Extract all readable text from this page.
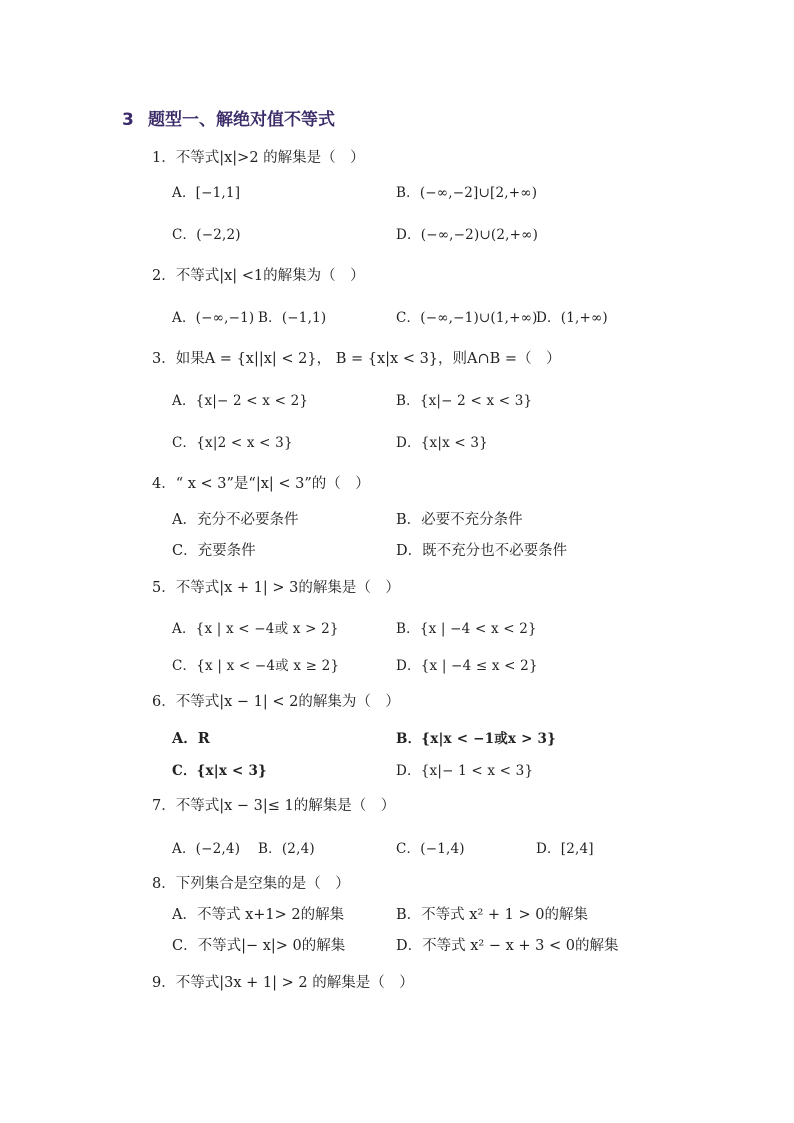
3 题型一、解绝对值不等式
1．不等式|x|>2 的解集是（　）
A．[−1,1]	B．(−∞,−2]∪[2,+∞)
C．(−2,2)	D．(−∞,−2)∪(2,+∞)
2．不等式|x| <1的解集为（　）
A．(−∞,−1) B．(−1,1)	C．(−∞,−1)∪(1,+∞)
D．(1,+∞)
3．如果A = {x||x| < 2}， B = {x|x < 3}，则A∩B =（　）
A．{x|− 2 < x < 2}	B．{x|− 2 < x < 3}
C．{x|2 < x < 3}	D．{x|x < 3}
4．“ x < 3”是“|x| < 3”的（　）
A．充分不必要条件	B．必要不充分条件
C．充要条件	D．既不充分也不必要条件
5．不等式|x + 1| > 3的解集是（　）
A．{x | x < −4或 x > 2}	B．{x | −4 < x < 2}
C．{x | x < −4或 x ≥ 2}	D．{x | −4 ≤ x < 2}
6．不等式|x − 1| < 2的解集为（　）
A．R	B．{x|x < −1或x > 3}
C．{x|x < 3}	D．{x|− 1 < x < 3}
7．不等式|x − 3|≤ 1的解集是（　）
A．(−2,4) B．(2,4)	C．(−1,4)	D．[2,4]
8．下列集合是空集的是（　）
A．不等式 x+1> 2的解集	B．不等式 x² + 1 > 0的解集
C．不等式|− x|> 0的解集	D．不等式 x² − x + 3 < 0的解集
9．不等式|3x + 1| > 2 的解集是（　）
